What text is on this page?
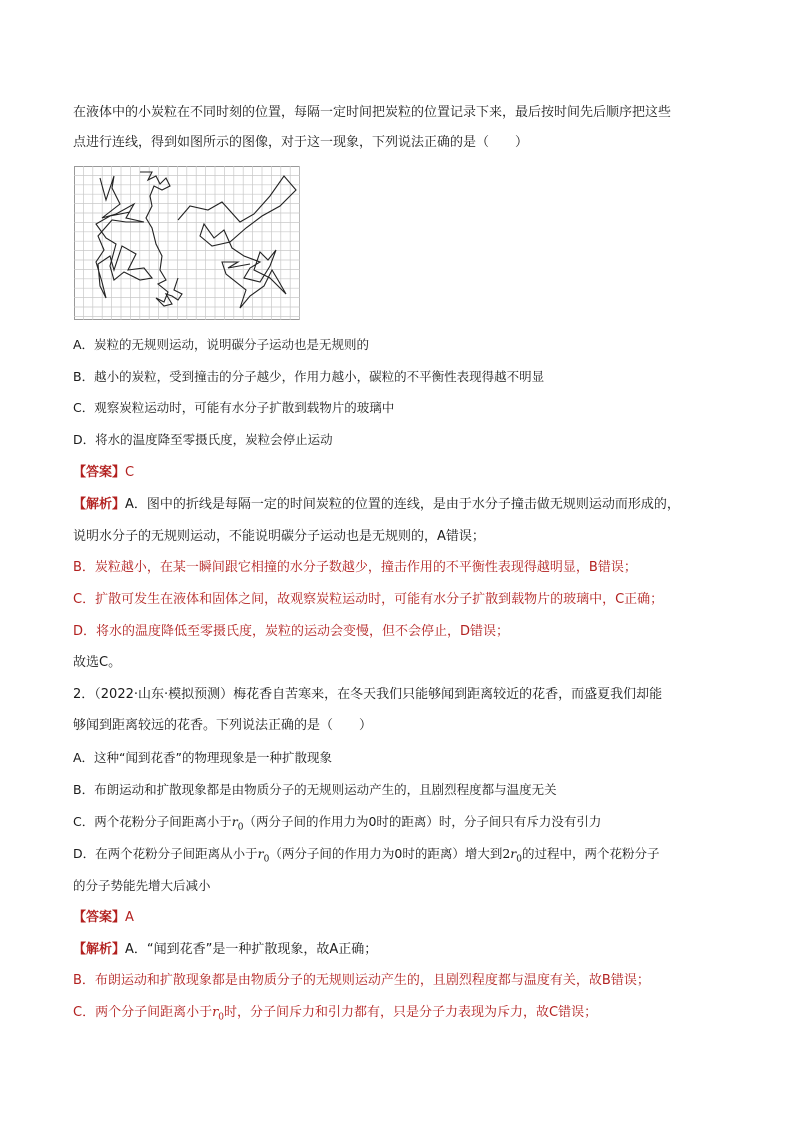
在液体中的小炭粒在不同时刻的位置，每隔一定时间把炭粒的位置记录下来，最后按时间先后顺序把这些
点进行连线，得到如图所示的图像，对于这一现象，下列说法正确的是（　　）
A．炭粒的无规则运动，说明碳分子运动也是无规则的
B．越小的炭粒，受到撞击的分子越少，作用力越小，碳粒的不平衡性表现得越不明显
C．观察炭粒运动时，可能有水分子扩散到载物片的玻璃中
D．将水的温度降至零摄氏度，炭粒会停止运动
【答案】C
【解析】A．图中的折线是每隔一定的时间炭粒的位置的连线，是由于水分子撞击做无规则运动而形成的，
说明水分子的无规则运动，不能说明碳分子运动也是无规则的，A错误；
B．炭粒越小，在某一瞬间跟它相撞的水分子数越少，撞击作用的不平衡性表现得越明显，B错误；
C．扩散可发生在液体和固体之间，故观察炭粒运动时，可能有水分子扩散到载物片的玻璃中，C正确；
D．将水的温度降低至零摄氏度，炭粒的运动会变慢，但不会停止，D错误；
故选C。
2．（2022·山东·模拟预测）梅花香自苦寒来，在冬天我们只能够闻到距离较近的花香，而盛夏我们却能
够闻到距离较远的花香。下列说法正确的是（　　）
A．这种“闻到花香”的物理现象是一种扩散现象
B．布朗运动和扩散现象都是由物质分子的无规则运动产生的，且剧烈程度都与温度无关
C．两个花粉分子间距离小于$r_0$（两分子间的作用力为0时的距离）时，分子间只有斥力没有引力
D．在两个花粉分子间距离从小于$r_0$（两分子间的作用力为0时的距离）增大到$2r_0$的过程中，两个花粉分子
的分子势能先增大后减小
【答案】A
【解析】A．“闻到花香”是一种扩散现象，故A正确；
B．布朗运动和扩散现象都是由物质分子的无规则运动产生的，且剧烈程度都与温度有关，故B错误；
C．两个分子间距离小于$r_0$时，分子间斥力和引力都有，只是分子力表现为斥力，故C错误；
